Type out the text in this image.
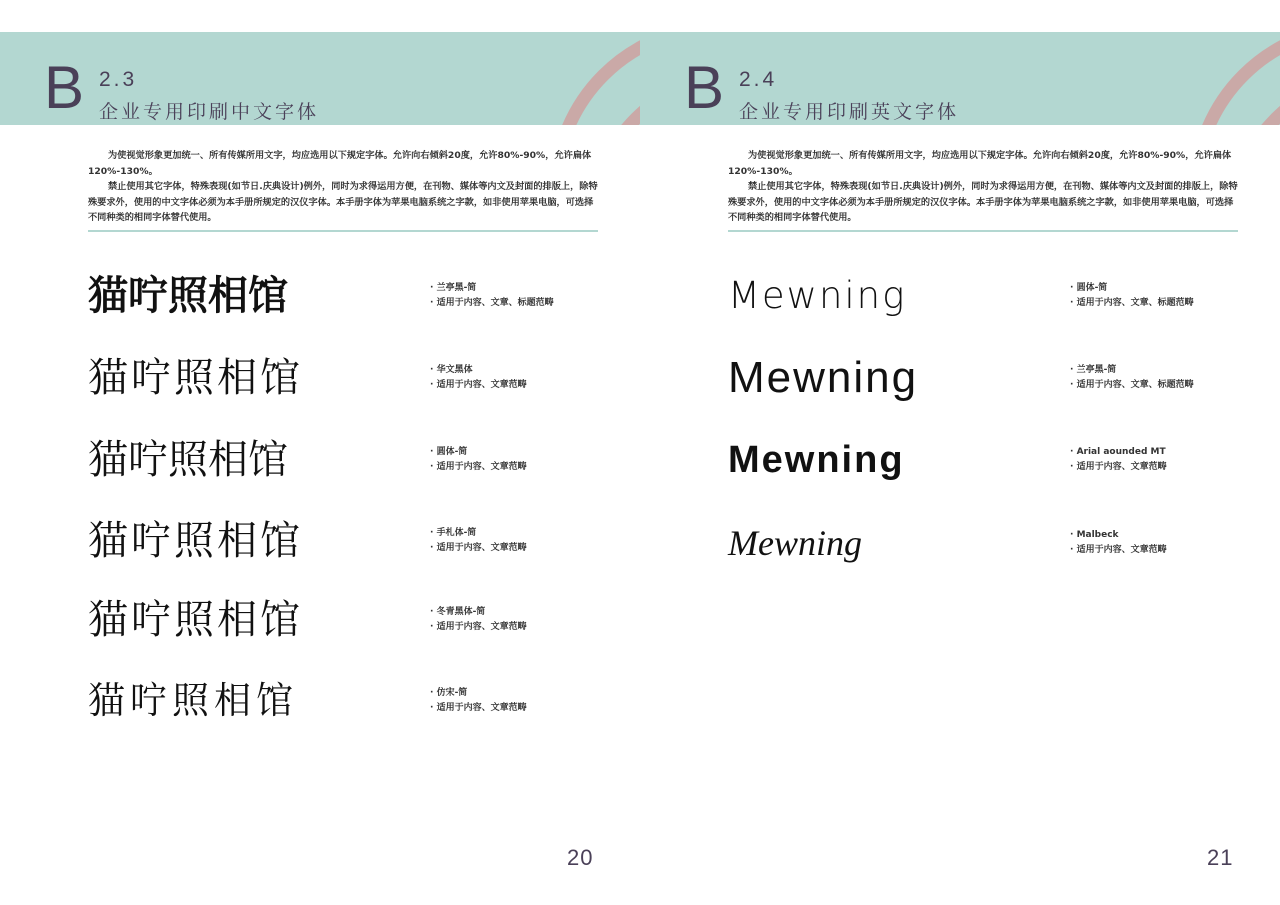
B 2.3
企业专用印刷中文字体

为使视觉形象更加统一、所有传媒所用文字，均应选用以下规定字体。允许向右倾斜20度，允许80%-90%，允许扁体120%-130%。

禁止使用其它字体，特殊表现(如节日.庆典设计)例外，同时为求得运用方便，在刊物、媒体等内文及封面的排版上，除特殊要求外，使用的中文字体必须为本手册所规定的汉仪字体。本手册字体为苹果电脑系统之字款，如非使用苹果电脑，可选择不同种类的相同字体替代使用。

猫咛照相馆	· 兰亭黑-简
· 适用于内容、文章、标题范畴
猫咛照相馆	· 华文黑体
· 适用于内容、文章范畴
猫咛照相馆	· 圆体-简
· 适用于内容、文章范畴
猫咛照相馆	· 手札体-简
· 适用于内容、文章范畴
猫咛照相馆	· 冬青黑体-简
· 适用于内容、文章范畴
猫咛照相馆	· 仿宋-简
· 适用于内容、文章范畴
20
B 2.4
企业专用印刷英文字体

为使视觉形象更加统一、所有传媒所用文字，均应选用以下规定字体。允许向右倾斜20度，允许80%-90%，允许扁体120%-130%。

禁止使用其它字体，特殊表现(如节日.庆典设计)例外，同时为求得运用方便，在刊物、媒体等内文及封面的排版上，除特殊要求外，使用的中文字体必须为本手册所规定的汉仪字体。本手册字体为苹果电脑系统之字款，如非使用苹果电脑，可选择不同种类的相同字体替代使用。

Mewning	· 圆体-简
· 适用于内容、文章、标题范畴
Mewning	· 兰亭黑-简
· 适用于内容、文章、标题范畴
Mewning	· Arial aounded MT
· 适用于内容、文章范畴
Mewning	· Malbeck
· 适用于内容、文章范畴
21
